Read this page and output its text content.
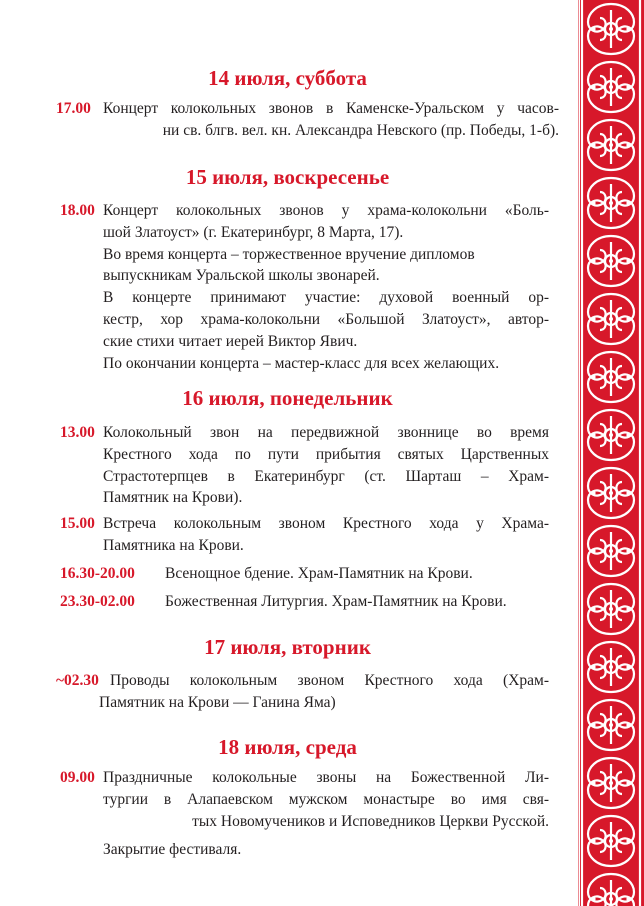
14 июля, суббота
17.00 Концерт колокольных звонов в Каменске-Уральском у часов-
ни св. блгв. вел. кн. Александра Невского (пр. Победы, 1-б).
15 июля, воскресенье
18.00 Концерт колокольных звонов у храма-колокольни «Боль-
шой Златоуст» (г. Екатеринбург, 8 Марта, 17).
Во время концерта – торжественное вручение дипломов
выпускникам Уральской школы звонарей.
В концерте принимают участие: духовой военный ор-
кестр, хор храма-колокольни «Большой Златоуст», автор-
ские стихи читает иерей Виктор Явич.
По окончании концерта – мастер-класс для всех желающих.
16 июля, понедельник
13.00 Колокольный звон на передвижной звоннице во время
Крестного хода по пути прибытия святых Царственных
Страстотерпцев в Екатеринбург (ст. Шарташ – Храм-
Памятник на Крови).
15.00 Встреча колокольным звоном Крестного хода у Храма-
Памятника на Крови.
16.30-20.00 Всенощное бдение. Храм-Памятник на Крови.
23.30-02.00 Божественная Литургия. Храм-Памятник на Крови.
17 июля, вторник
~02.30 Проводы колокольным звоном Крестного хода (Храм-
Памятник на Крови — Ганина Яма)
18 июля, среда
09.00 Праздничные колокольные звоны на Божественной Ли-
тургии в Алапаевском мужском монастыре во имя свя-
тых Новомучеников и Исповедников Церкви Русской.
Закрытие фестиваля.
